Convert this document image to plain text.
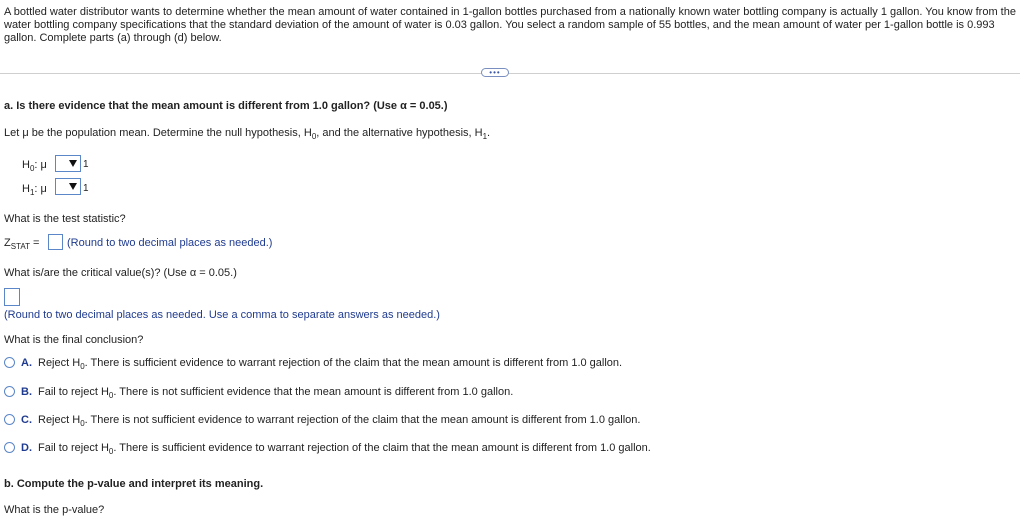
A bottled water distributor wants to determine whether the mean amount of water contained in 1-gallon bottles purchased from a nationally known water bottling company is actually 1 gallon. You know from the water bottling company specifications that the standard deviation of the amount of water is 0.03 gallon. You select a random sample of 55 bottles, and the mean amount of water per 1-gallon bottle is 0.993 gallon. Complete parts (a) through (d) below.
•••
a. Is there evidence that the mean amount is different from 1.0 gallon? (Use α = 0.05.)
Let μ be the population mean. Determine the null hypothesis, $H_0$, and the alternative hypothesis, $H_1$.
$H_0$: μ	1
$H_1$: μ	1
What is the test statistic?
$Z_{STAT}$ =	(Round to two decimal places as needed.)
What is/are the critical value(s)? (Use α = 0.05.)
(Round to two decimal places as needed. Use a comma to separate answers as needed.)
What is the final conclusion?
A. Reject $H_0$. There is sufficient evidence to warrant rejection of the claim that the mean amount is different from 1.0 gallon.
B. Fail to reject $H_0$. There is not sufficient evidence that the mean amount is different from 1.0 gallon.
C. Reject $H_0$. There is not sufficient evidence to warrant rejection of the claim that the mean amount is different from 1.0 gallon.
D. Fail to reject $H_0$. There is sufficient evidence to warrant rejection of the claim that the mean amount is different from 1.0 gallon.
b. Compute the p-value and interpret its meaning.
What is the p-value?
